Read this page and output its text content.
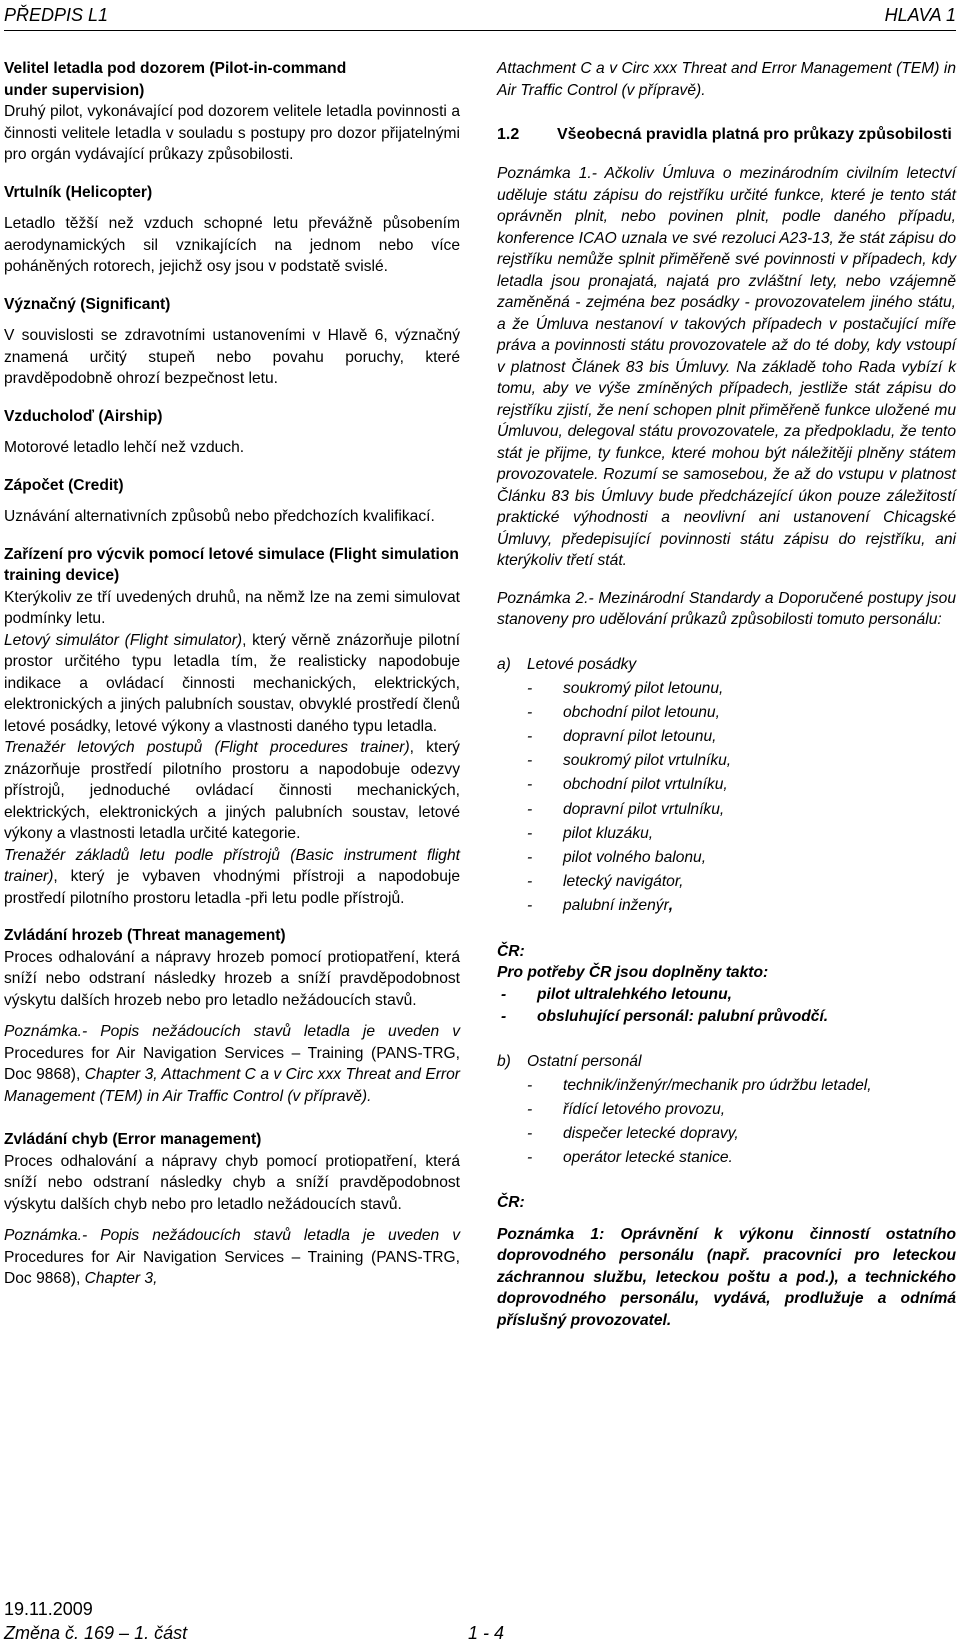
PŘEDPIS L1	HLAVA 1
Velitel letadla pod dozorem (Pilot-in-command
under supervision)

Druhý pilot, vykonávající pod dozorem velitele letadla povinnosti a činnosti velitele letadla v souladu s postupy pro dozor přijatelnými pro orgán vydávající průkazy způsobilosti.

Vrtulník (Helicopter)

Letadlo těžší než vzduch schopné letu převážně působením aerodynamických sil vznikajících na jednom nebo více poháněných rotorech, jejichž osy jsou v podstatě svislé.

Význačný (Significant)

V souvislosti se zdravotními ustanoveními v Hlavě 6, význačný znamená určitý stupeň nebo povahu poruchy, které pravděpodobně ohrozí bezpečnost letu.

Vzducholoď (Airship)

Motorové letadlo lehčí než vzduch.

Zápočet (Credit)

Uznávání alternativních způsobů nebo předchozích kvalifikací.

Zařízení pro výcvik pomocí letové simulace (Flight simulation training device)

Kterýkoliv ze tří uvedených druhů, na němž lze na zemi simulovat podmínky letu.

Letový simulátor (Flight simulator), který věrně znázorňuje pilotní prostor určitého typu letadla tím, že realisticky napodobuje indikace a ovládací činnosti mechanických, elektrických, elektronických a jiných palubních soustav, obvyklé prostředí členů letové posádky, letové výkony a vlastnosti daného typu letadla.

Trenažér letových postupů (Flight procedures trainer), který znázorňuje prostředí pilotního prostoru a napodobuje odezvy přístrojů, jednoduché ovládací činnosti mechanických, elektrických, elektronických a jiných palubních soustav, letové výkony a vlastnosti letadla určité kategorie.

Trenažér základů letu podle přístrojů (Basic instrument flight trainer), který je vybaven vhodnými přístroji a napodobuje prostředí pilotního prostoru letadla -při letu podle přístrojů.

Zvládání hrozeb (Threat management)

Proces odhalování a nápravy hrozeb pomocí protiopatření, která sníží nebo odstraní následky hrozeb a sníží pravděpodobnost výskytu dalších hrozeb nebo pro letadlo nežádoucích stavů.

Poznámka.- Popis nežádoucích stavů letadla je uveden v Procedures for Air Navigation Services – Training (PANS-TRG, Doc 9868), Chapter 3, Attachment C a v Circ xxx Threat and Error Management (TEM) in Air Traffic Control (v přípravě).

Zvládání chyb (Error management)

Proces odhalování a nápravy chyb pomocí protiopatření, která sníží nebo odstraní následky chyb a sníží pravděpodobnost výskytu dalších chyb nebo pro letadlo nežádoucích stavů.

Poznámka.- Popis nežádoucích stavů letadla je uveden v Procedures for Air Navigation Services – Training (PANS-TRG, Doc 9868), Chapter 3,

Attachment C a v Circ xxx Threat and Error Management (TEM) in Air Traffic Control (v přípravě).

1.2	Všeobecná pravidla platná pro průkazy způsobilosti

Poznámka 1.- Ačkoliv Úmluva o mezinárodním civilním letectví uděluje státu zápisu do rejstříku určité funkce, které je tento stát oprávněn plnit, nebo povinen plnit, podle daného případu, konference ICAO uznala ve své rezoluci A23-13, že stát zápisu do rejstříku nemůže splnit přiměřeně své povinnosti v případech, kdy letadla jsou pronajatá, najatá pro zvláštní lety, nebo vzájemně zaměněná - zejména bez posádky - provozovatelem jiného státu, a že Úmluva nestanoví v takových případech v postačující míře práva a povinnosti státu provozovatele až do té doby, kdy vstoupí v platnost Článek 83 bis Úmluvy. Na základě toho Rada vybízí k tomu, aby ve výše zmíněných případech, jestliže stát zápisu do rejstříku zjistí, že není schopen plnit přiměřeně funkce uložené mu Úmluvou, delegoval státu provozovatele, za předpokladu, že tento stát je přijme, ty funkce, které mohou být náležitěji plněny státem provozovatele. Rozumí se samosebou, že až do vstupu v platnost Článku 83 bis Úmluvy bude předcházející úkon pouze záležitostí praktické výhodnosti a neovlivní ani ustanovení Chicagské Úmluvy, předepisující povinnosti státu zápisu do rejstříku, ani kterýkoliv třetí stát.

Poznámka 2.- Mezinárodní Standardy a Doporučené postupy jsou stanoveny pro udělování průkazů způsobilosti tomuto personálu:

a) Letové posádky
- soukromý pilot letounu,
- obchodní pilot letounu,
- dopravní pilot letounu,
- soukromý pilot vrtulníku,
- obchodní pilot vrtulníku,
- dopravní pilot vrtulníku,
- pilot kluzáku,
- pilot volného balonu,
- letecký navigátor,
- palubní inženýr,
ČR:
Pro potřeby ČR jsou doplněny takto:
- pilot ultralehkého letounu,
- obsluhující personál: palubní průvodčí.
b) Ostatní personál
- technik/inženýr/mechanik pro údržbu letadel,
- řídící letového provozu,
- dispečer letecké dopravy,
- operátor letecké stanice.
ČR:

Poznámka 1: Oprávnění k výkonu činností ostatního doprovodného personálu (např. pracovníci pro leteckou záchrannou službu, leteckou poštu a pod.), a technického doprovodného personálu, vydává, prodlužuje a odnímá příslušný provozovatel.

19.11.2009
Změna č. 169 – 1. část	1 - 4
